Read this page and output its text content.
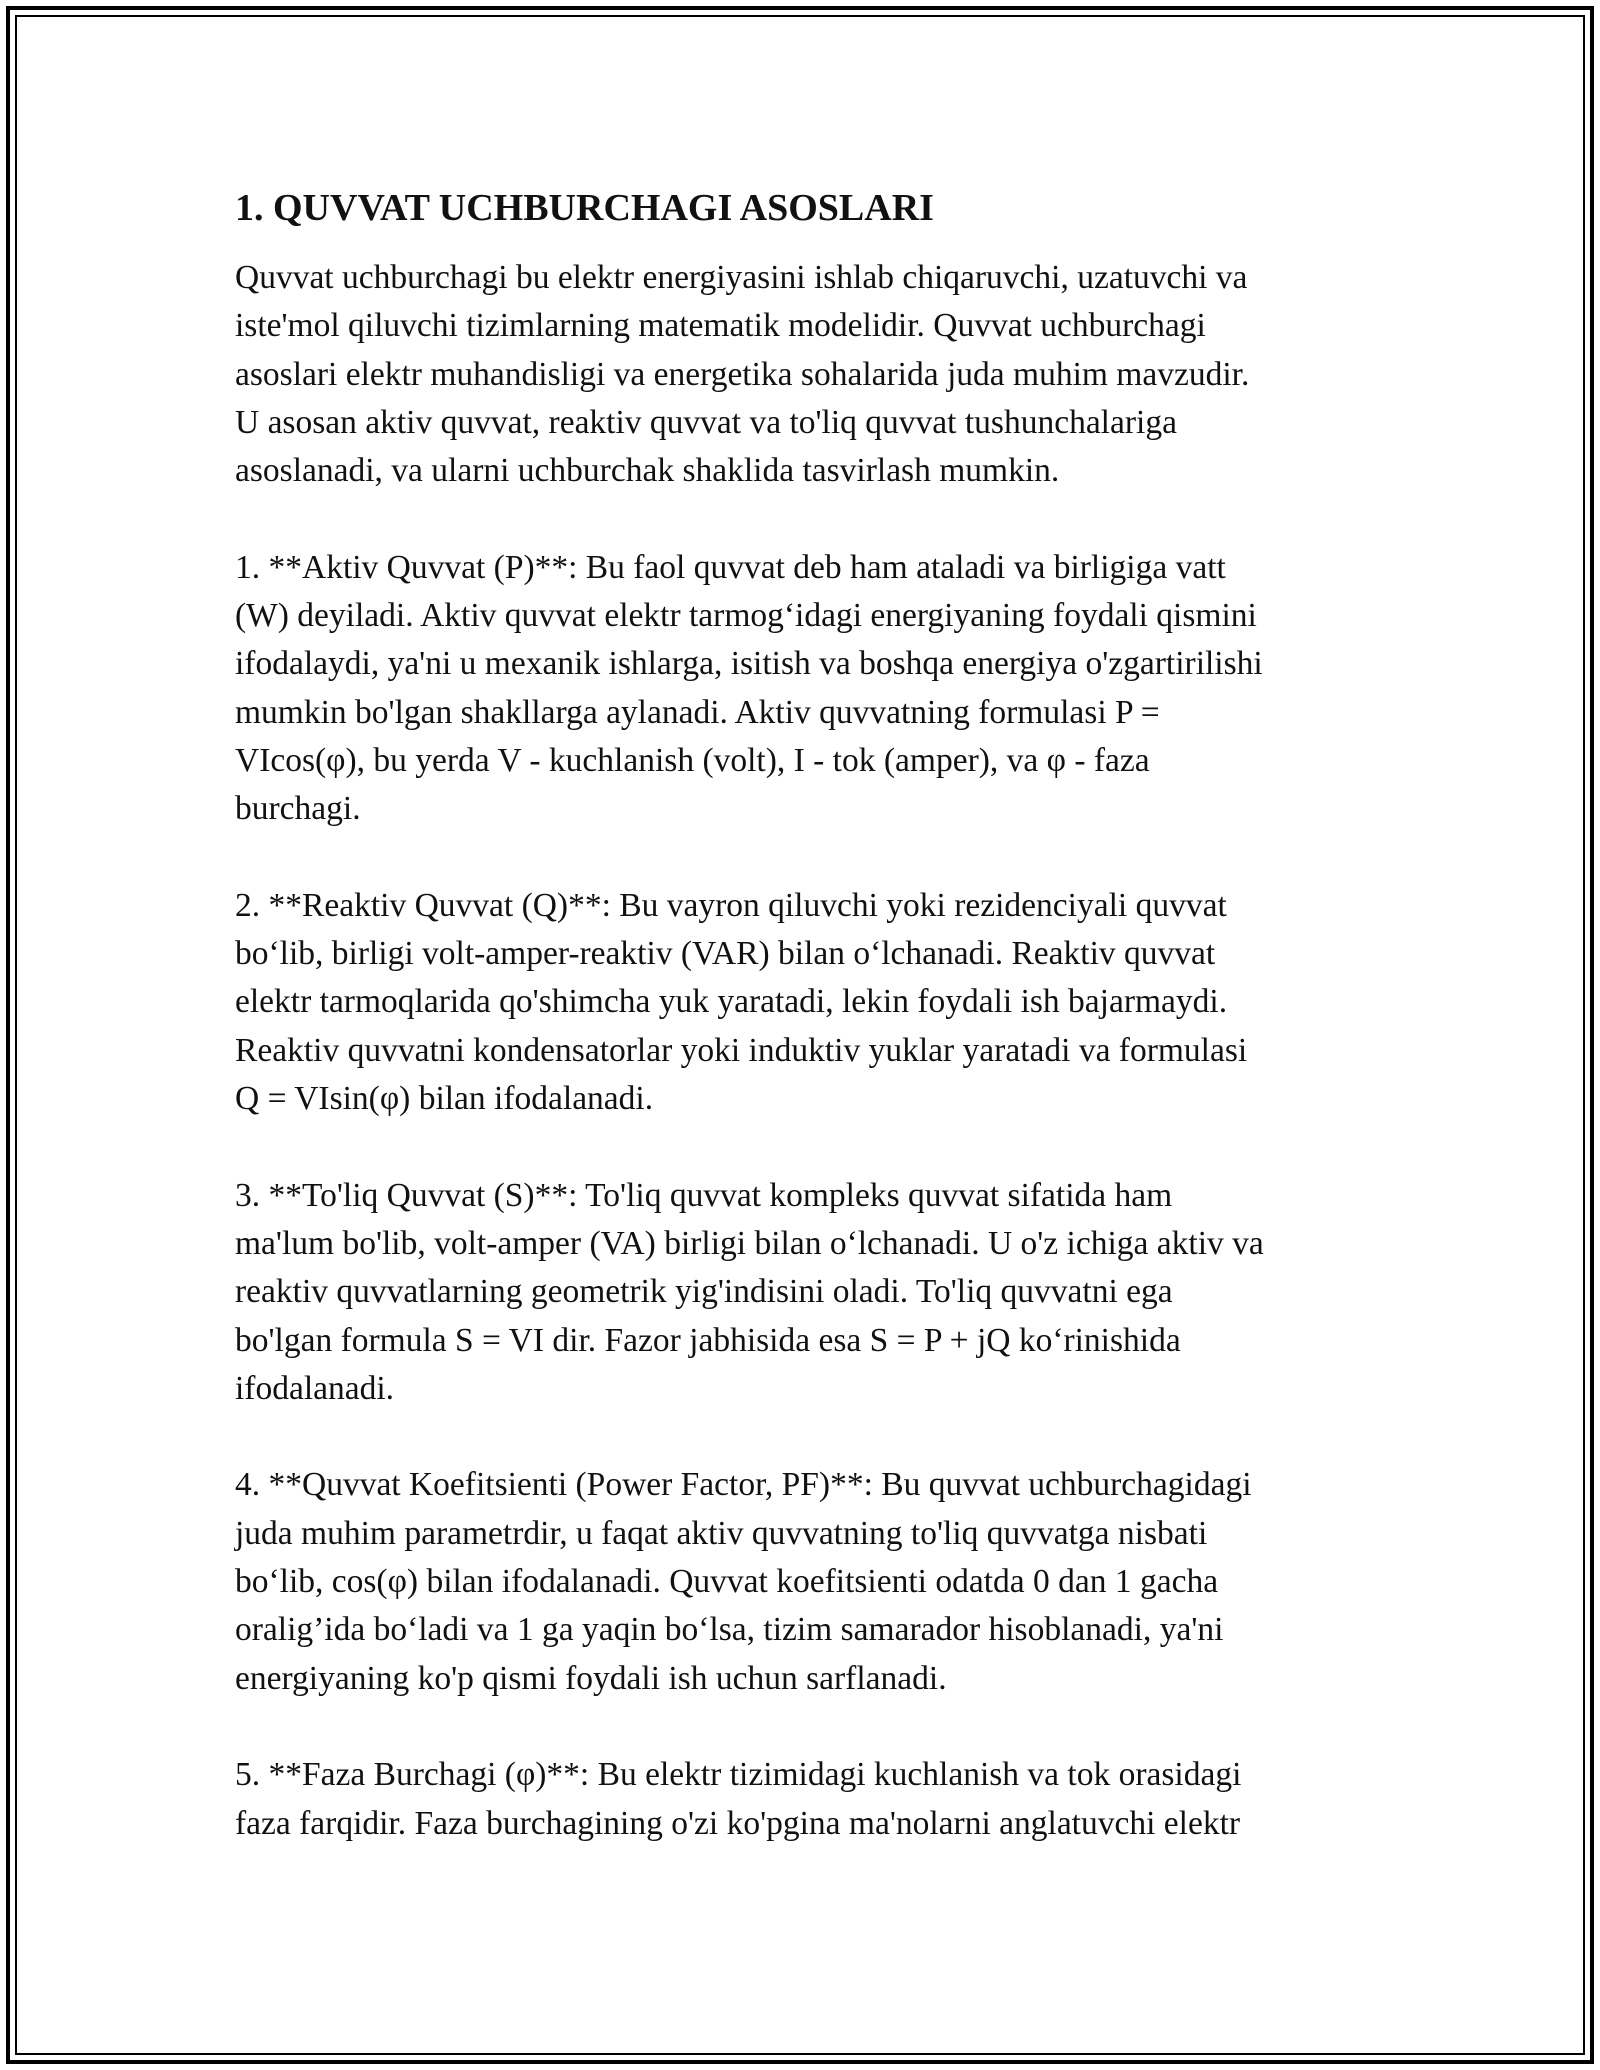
1. QUVVAT UCHBURCHAGI ASOSLARI
Quvvat uchburchagi bu elektr energiyasini ishlab chiqaruvchi, uzatuvchi va
iste'mol qiluvchi tizimlarning matematik modelidir. Quvvat uchburchagi
asoslari elektr muhandisligi va energetika sohalarida juda muhim mavzudir.
U asosan aktiv quvvat, reaktiv quvvat va to'liq quvvat tushunchalariga
asoslanadi, va ularni uchburchak shaklida tasvirlash mumkin.
1. **Aktiv Quvvat (P)**: Bu faol quvvat deb ham ataladi va birligiga vatt
(W) deyiladi. Aktiv quvvat elektr tarmog‘idagi energiyaning foydali qismini
ifodalaydi, ya'ni u mexanik ishlarga, isitish va boshqa energiya o'zgartirilishi
mumkin bo'lgan shakllarga aylanadi. Aktiv quvvatning formulasi P =
VIcos(φ), bu yerda V - kuchlanish (volt), I - tok (amper), va φ - faza
burchagi.
2. **Reaktiv Quvvat (Q)**: Bu vayron qiluvchi yoki rezidenciyali quvvat
bo‘lib, birligi volt-amper-reaktiv (VAR) bilan o‘lchanadi. Reaktiv quvvat
elektr tarmoqlarida qo'shimcha yuk yaratadi, lekin foydali ish bajarmaydi.
Reaktiv quvvatni kondensatorlar yoki induktiv yuklar yaratadi va formulasi
Q = VIsin(φ) bilan ifodalanadi.
3. **To'liq Quvvat (S)**: To'liq quvvat kompleks quvvat sifatida ham
ma'lum bo'lib, volt-amper (VA) birligi bilan o‘lchanadi. U o'z ichiga aktiv va
reaktiv quvvatlarning geometrik yig'indisini oladi. To'liq quvvatni ega
bo'lgan formula S = VI dir. Fazor jabhisida esa S = P + jQ ko‘rinishida
ifodalanadi.
4. **Quvvat Koefitsienti (Power Factor, PF)**: Bu quvvat uchburchagidagi
juda muhim parametrdir, u faqat aktiv quvvatning to'liq quvvatga nisbati
bo‘lib, cos(φ) bilan ifodalanadi. Quvvat koefitsienti odatda 0 dan 1 gacha
oralig’ida bo‘ladi va 1 ga yaqin bo‘lsa, tizim samarador hisoblanadi, ya'ni
energiyaning ko'p qismi foydali ish uchun sarflanadi.
5. **Faza Burchagi (φ)**: Bu elektr tizimidagi kuchlanish va tok orasidagi
faza farqidir. Faza burchagining o'zi ko'pgina ma'nolarni anglatuvchi elektr
